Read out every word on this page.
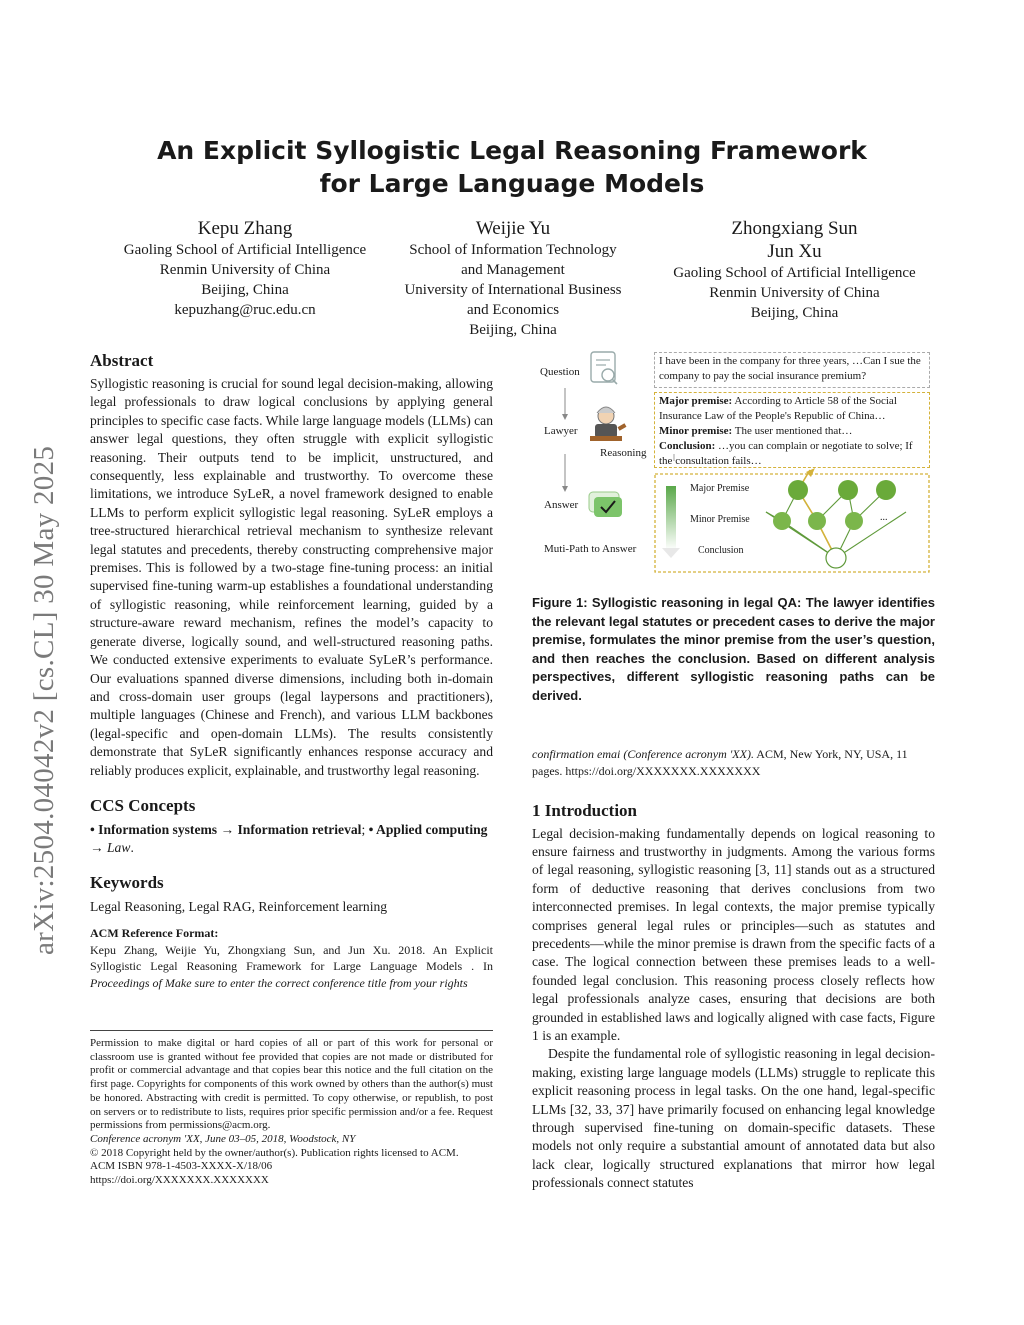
arXiv:2504.04042v2 [cs.CL] 30 May 2025
An Explicit Syllogistic Legal Reasoning Framework
for Large Language Models
Kepu Zhang
Gaoling School of Artificial Intelligence
Renmin University of China
Beijing, China
kepuzhang@ruc.edu.cn
Weijie Yu
School of Information Technology
and Management
University of International Business
and Economics
Beijing, China
Zhongxiang Sun
Jun Xu
Gaoling School of Artificial Intelligence
Renmin University of China
Beijing, China
Abstract
Syllogistic reasoning is crucial for sound legal decision-making, allowing legal professionals to draw logical conclusions by applying general principles to specific case facts. While large language models (LLMs) can answer legal questions, they often struggle with explicit syllogistic reasoning. Their outputs tend to be implicit, unstructured, and consequently, less explainable and trustworthy. To overcome these limitations, we introduce SyLeR, a novel framework designed to enable LLMs to perform explicit syllogistic legal reasoning. SyLeR employs a tree-structured hierarchical retrieval mechanism to synthesize relevant legal statutes and precedents, thereby constructing comprehensive major premises. This is followed by a two-stage fine-tuning process: an initial supervised fine-tuning warm-up establishes a foundational understanding of syllogistic reasoning, while reinforcement learning, guided by a structure-aware reward mechanism, refines the model’s capacity to generate diverse, logically sound, and well-structured reasoning paths. We conducted extensive experiments to evaluate SyLeR’s performance. Our evaluations spanned diverse dimensions, including both in-domain and cross-domain user groups (legal laypersons and practitioners), multiple languages (Chinese and French), and various LLM backbones (legal-specific and open-domain LLMs). The results consistently demonstrate that SyLeR significantly enhances response accuracy and reliably produces explicit, explainable, and trustworthy legal reasoning.
CCS Concepts
• Information systems → Information retrieval; • Applied computing → Law.
Keywords
Legal Reasoning, Legal RAG, Reinforcement learning
ACM Reference Format:
Kepu Zhang, Weijie Yu, Zhongxiang Sun, and Jun Xu. 2018. An Explicit Syllogistic Legal Reasoning Framework for Large Language Models . In Proceedings of Make sure to enter the correct conference title from your rights
Permission to make digital or hard copies of all or part of this work for personal or classroom use is granted without fee provided that copies are not made or distributed for profit or commercial advantage and that copies bear this notice and the full citation on the first page. Copyrights for components of this work owned by others than the author(s) must be honored. Abstracting with credit is permitted. To copy otherwise, or republish, to post on servers or to redistribute to lists, requires prior specific permission and/or a fee. Request permissions from permissions@acm.org.
Conference acronym 'XX, June 03–05, 2018, Woodstock, NY
© 2018 Copyright held by the owner/author(s). Publication rights licensed to ACM.
ACM ISBN 978-1-4503-XXXX-X/18/06
https://doi.org/XXXXXXX.XXXXXXX
Question
Lawyer
Reasoning
Answer
Muti-Path to Answer
I have been in the company for three years, …Can I sue the company to pay the social insurance premium?
Major premise: According to Article 58 of the Social Insurance Law of the People's Republic of China…
Minor premise: The user mentioned that…
Conclusion: …you can complain or negotiate to solve; If the consultation fails…
Major Premise
Minor Premise
Conclusion
...	...	...
Figure 1: Syllogistic reasoning in legal QA: The lawyer identifies the relevant legal statutes or precedent cases to derive the major premise, formulates the minor premise from the user’s question, and then reaches the conclusion. Based on different analysis perspectives, different syllogistic reasoning paths can be derived.
confirmation emai (Conference acronym 'XX). ACM, New York, NY, USA, 11 pages. https://doi.org/XXXXXXX.XXXXXXX
1 Introduction
Legal decision-making fundamentally depends on logical reasoning to ensure fairness and trustworthy in judgments. Among the various forms of legal reasoning, syllogistic reasoning [3, 11] stands out as a structured form of deductive reasoning that derives conclusions from two interconnected premises. In legal contexts, the major premise typically comprises general legal rules or principles—such as statutes and precedents—while the minor premise is drawn from the specific facts of a case. The logical connection between these premises leads to a well-founded legal conclusion. This reasoning process closely reflects how legal professionals analyze cases, ensuring that decisions are both grounded in established laws and logically aligned with case facts, Figure 1 is an example.
Despite the fundamental role of syllogistic reasoning in legal decision-making, existing large language models (LLMs) struggle to replicate this explicit reasoning process in legal tasks. On the one hand, legal-specific LLMs [32, 33, 37] have primarily focused on enhancing legal knowledge through supervised fine-tuning on domain-specific datasets. These models not only require a substantial amount of annotated data but also lack clear, logically structured explanations that mirror how legal professionals connect statutes
